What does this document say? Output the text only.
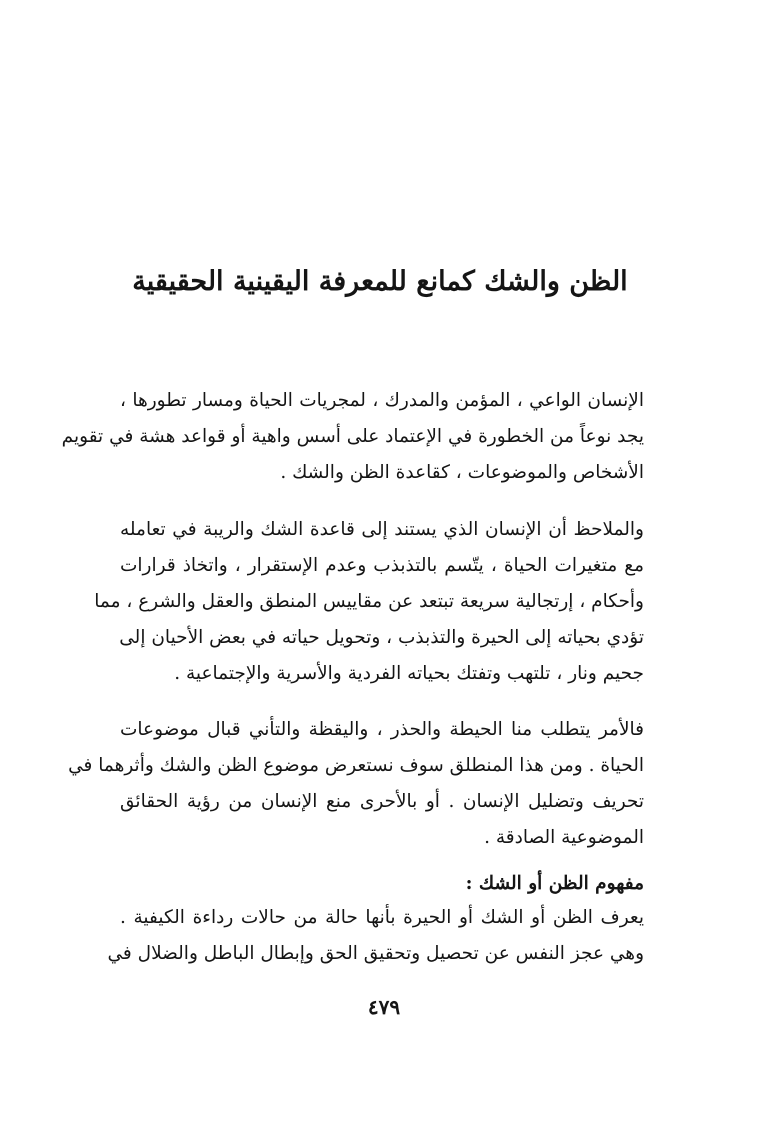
الظن والشك كمانع للمعرفة اليقينية الحقيقية
الإنسان الواعي ، المؤمن والمدرك ، لمجريات الحياة ومسار تطورها ،
يجد نوعاً من الخطورة في الإعتماد على أسس واهية أو قواعد هشة في تقويم
الأشخاص والموضوعات ، كقاعدة الظن والشك .
والملاحظ أن الإنسان الذي يستند إلى قاعدة الشك والريبة في تعامله
مع متغيرات الحياة ، يتّسم بالتذبذب وعدم الإستقرار ، واتخاذ قرارات
وأحكام ، إرتجالية سريعة تبتعد عن مقاييس المنطق والعقل والشرع ، مما
تؤدي بحياته إلى الحيرة والتذبذب ، وتحويل حياته في بعض الأحيان إلى
جحيم ونار ، تلتهب وتفتك بحياته الفردية والأسرية والإجتماعية .
فالأمر يتطلب منا الحيطة والحذر ، واليقظة والتأني قبال موضوعات
الحياة . ومن هذا المنطلق سوف نستعرض موضوع الظن والشك وأثرهما في
تحريف وتضليل الإنسان . أو بالأحرى منع الإنسان من رؤية الحقائق
الموضوعية الصادقة .
مفهوم الظن أو الشك :
يعرف الظن أو الشك أو الحيرة بأنها حالة من حالات رداءة الكيفية .
وهي عجز النفس عن تحصيل وتحقيق الحق وإبطال الباطل والضلال في

٤٧٩
